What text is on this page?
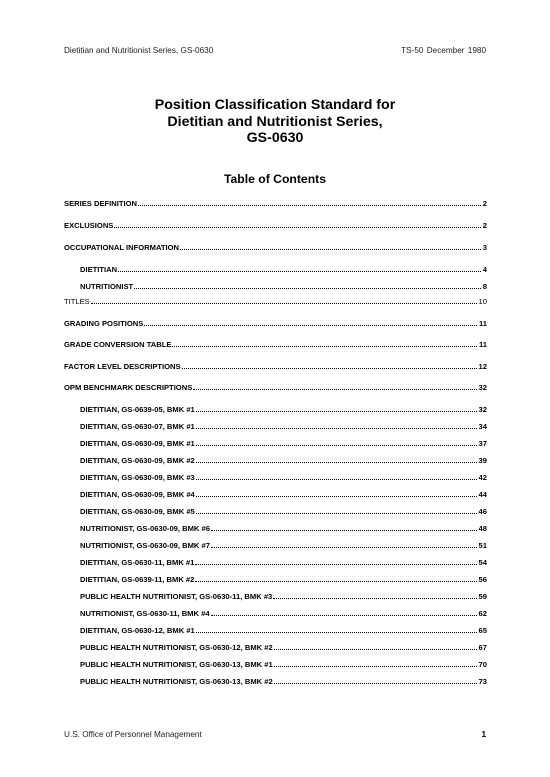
Dietitian and Nutritionist Series, GS-0630	TS-50 December 1980
Position Classification Standard for
Dietitian and Nutritionist Series,
GS-0630
Table of Contents
SERIES DEFINITION	2
EXCLUSIONS	2
OCCUPATIONAL INFORMATION	3
DIETITIAN	4
NUTRITIONIST	8
TITLES	10
GRADING POSITIONS	11
GRADE CONVERSION TABLE	11
FACTOR LEVEL DESCRIPTIONS	12
OPM BENCHMARK DESCRIPTIONS	32
DIETITIAN, GS-0639-05, BMK #1	32
DIETITIAN, GS-0630-07, BMK #1	34
DIETITIAN, GS-0630-09, BMK #1	37
DIETITIAN, GS-0630-09, BMK #2	39
DIETITIAN, GS-0630-09, BMK #3	42
DIETITIAN, GS-0630-09, BMK #4	44
DIETITIAN, GS-0630-09, BMK #5	46
NUTRITIONIST, GS-0630-09, BMK #6	48
NUTRITIONIST, GS-0630-09, BMK #7	51
DIETITIAN, GS-0630-11, BMK #1	54
DIETITIAN, GS-0639-11, BMK #2	56
PUBLIC HEALTH NUTRITIONIST, GS-0630-11, BMK #3	59
NUTRITIONIST, GS-0630-11, BMK #4	62
DIETITIAN, GS-0630-12, BMK #1	65
PUBLIC HEALTH NUTRITIONIST, GS-0630-12, BMK #2	67
PUBLIC HEALTH NUTRITIONIST, GS-0630-13, BMK #1	70
PUBLIC HEALTH NUTRITIONIST, GS-0630-13, BMK #2	73
U.S. Office of Personnel Management	1
